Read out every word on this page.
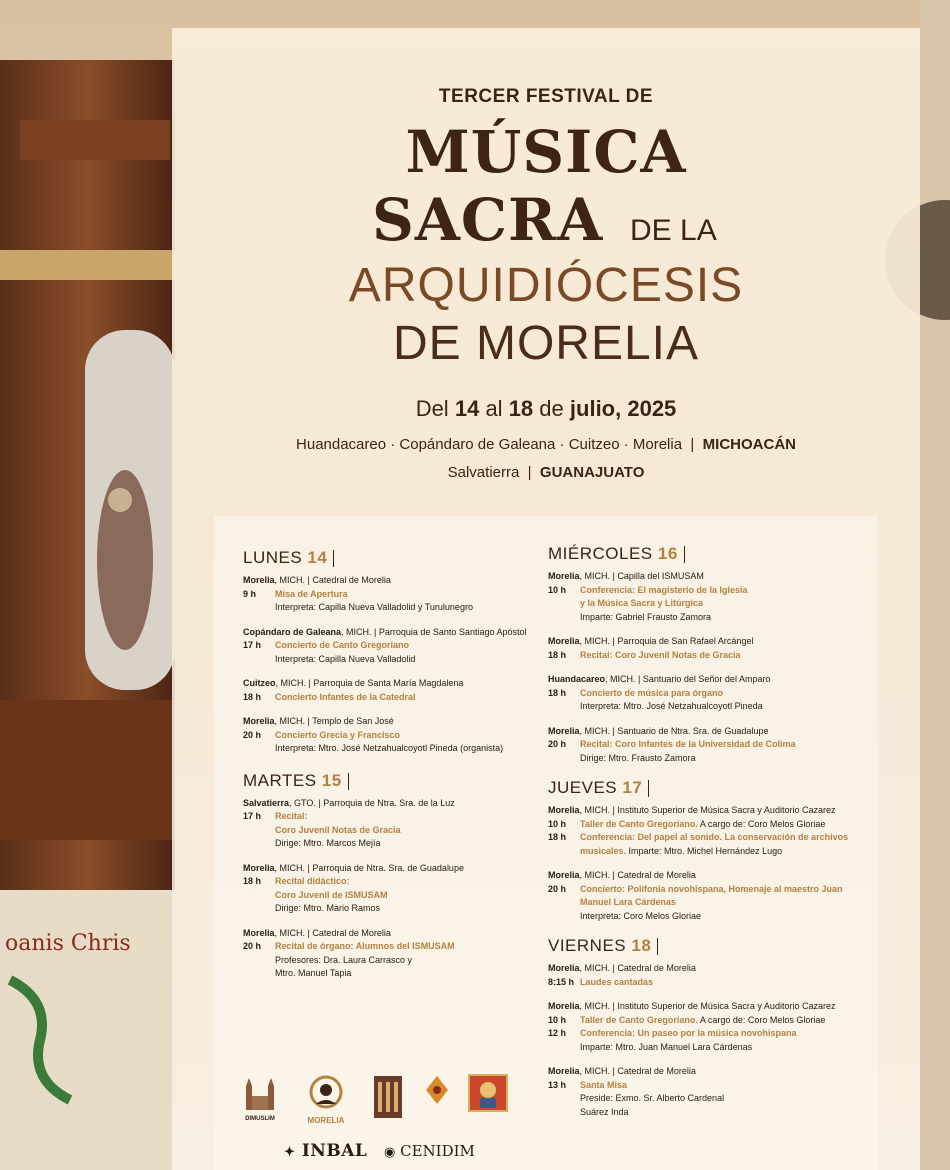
oanis Chris
TERCER FESTIVAL DE
MÚSICA
SACRA DE LA
ARQUIDIÓCESIS
DE MORELIA
Del 14 al 18 de julio, 2025
Huandacareo · Copándaro de Galeana · Cuitzeo · Morelia  |  MICHOACÁN
Salvatierra  |  GUANAJUATO
LUNES 14
Morelia, MICH. | Catedral de Morelia
9 h	Misa de Apertura
Interpreta: Capilla Nueva Valladolid y Turulunegro
Copándaro de Galeana, MICH. | Parroquia de Santo Santiago Apóstol
17 h	Concierto de Canto Gregoriano
Interpreta: Capilla Nueva Valladolid
Cuitzeo, MICH. | Parroquia de Santa María Magdalena
18 h	Concierto Infantes de la Catedral
Morelia, MICH. | Templo de San José
20 h	Concierto Grecia y Francisco
Interpreta: Mtro. José Netzahualcoyotl Pineda (organista)
MARTES 15
Salvatierra, GTO. | Parroquia de Ntra. Sra. de la Luz
17 h	Recital:
Coro Juvenil Notas de Gracia
Dirige: Mtro. Marcos Mejía
Morelia, MICH. | Parroquia de Ntra. Sra. de Guadalupe
18 h	Recital didáctico:
Coro Juvenil de ISMUSAM
Dirige: Mtro. Mario Ramos
Morelia, MICH. | Catedral de Morelia
20 h	Recital de órgano: Alumnos del ISMUSAM
Profesores: Dra. Laura Carrasco y
Mtro. Manuel Tapia
MIÉRCOLES 16
Morelia, MICH. | Capilla del ISMUSAM
10 h	Conferencia: El magisterio de la Iglesia
y la Música Sacra y Litúrgica
Imparte: Gabriel Frausto Zamora
Morelia, MICH. | Parroquia de San Rafael Arcángel
18 h	Recital: Coro Juvenil Notas de Gracia
Huandacareo, MICH. | Santuario del Señor del Amparo
18 h	Concierto de música para órgano
Interpreta: Mtro. José Netzahualcoyotl Pineda
Morelia, MICH. | Santuario de Ntra. Sra. de Guadalupe
20 h	Recital: Coro Infantes de la Universidad de Colima
Dirige: Mtro. Frausto Zamora
JUEVES 17
Morelia, MICH. | Instituto Superior de Música Sacra y Auditorio Cazarez
10 h	Taller de Canto Gregoriano. A cargo de: Coro Melos Gloriae
18 h	Conferencia: Del papel al sonido. La conservación de archivos
musicales. Imparte: Mtro. Michel Hernández Lugo
Morelia, MICH. | Catedral de Morelia
20 h	Concierto: Polifonía novohispana, Homenaje al maestro Juan
Manuel Lara Cárdenas
Interpreta: Coro Melos Gloriae
VIERNES 18
Morelia, MICH. | Catedral de Morelia
8:15 h Laudes cantadas
Morelia, MICH. | Instituto Superior de Música Sacra y Auditorio Cazarez
10 h	Taller de Canto Gregoriano. A cargo de: Coro Melos Gloriae
12 h	Conferencia: Un paseo por la música novohispana
Imparte: Mtro. Juan Manuel Lara Cárdenas
Morelia, MICH. | Catedral de Morelia
13 h	Santa Misa
Preside: Exmo. Sr. Alberto Cardenal
Suárez Inda
DIMUSLIM	MORELIA
✦ INBAL ◉ CENIDIM
